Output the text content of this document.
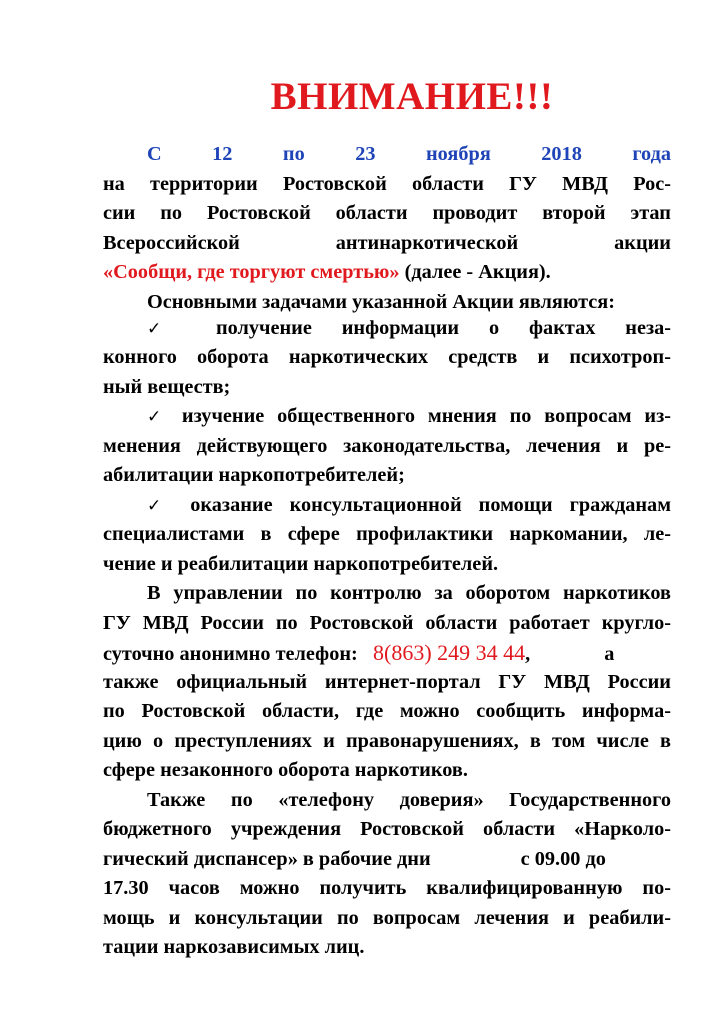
ВНИМАНИЕ!!!
С 12 по 23 ноября 2018 года
на территории Ростовской области ГУ МВД Рос-
сии по Ростовской области проводит второй этап
Всероссийской антинаркотической акции
«Сообщи, где торгуют смертью» (далее - Акция).
Основными задачами указанной Акции являются:
✓ получение информации о фактах неза-
конного оборота наркотических средств и психотроп-
ный веществ;
✓ изучение общественного мнения по вопросам из-
менения действующего законодательства, лечения и ре-
абилитации наркопотребителей;
✓ оказание консультационной помощи гражданам
специалистами в сфере профилактики наркомании, ле-
чение и реабилитации наркопотребителей.
В управлении по контролю за оборотом наркотиков
ГУ МВД России по Ростовской области работает кругло-
суточно анонимно телефон: 8(863) 249 34 44,	а
также официальный интернет-портал ГУ МВД России
по Ростовской области, где можно сообщить информа-
цию о преступлениях и правонарушениях, в том числе в
сфере незаконного оборота наркотиков.
Также по «телефону доверия» Государственного
бюджетного учреждения Ростовской области «Нарколо-
гический диспансер» в рабочие дни	с 09.00 до
17.30 часов можно получить квалифицированную по-
мощь и консультации по вопросам лечения и реабили-
тации наркозависимых лиц.
